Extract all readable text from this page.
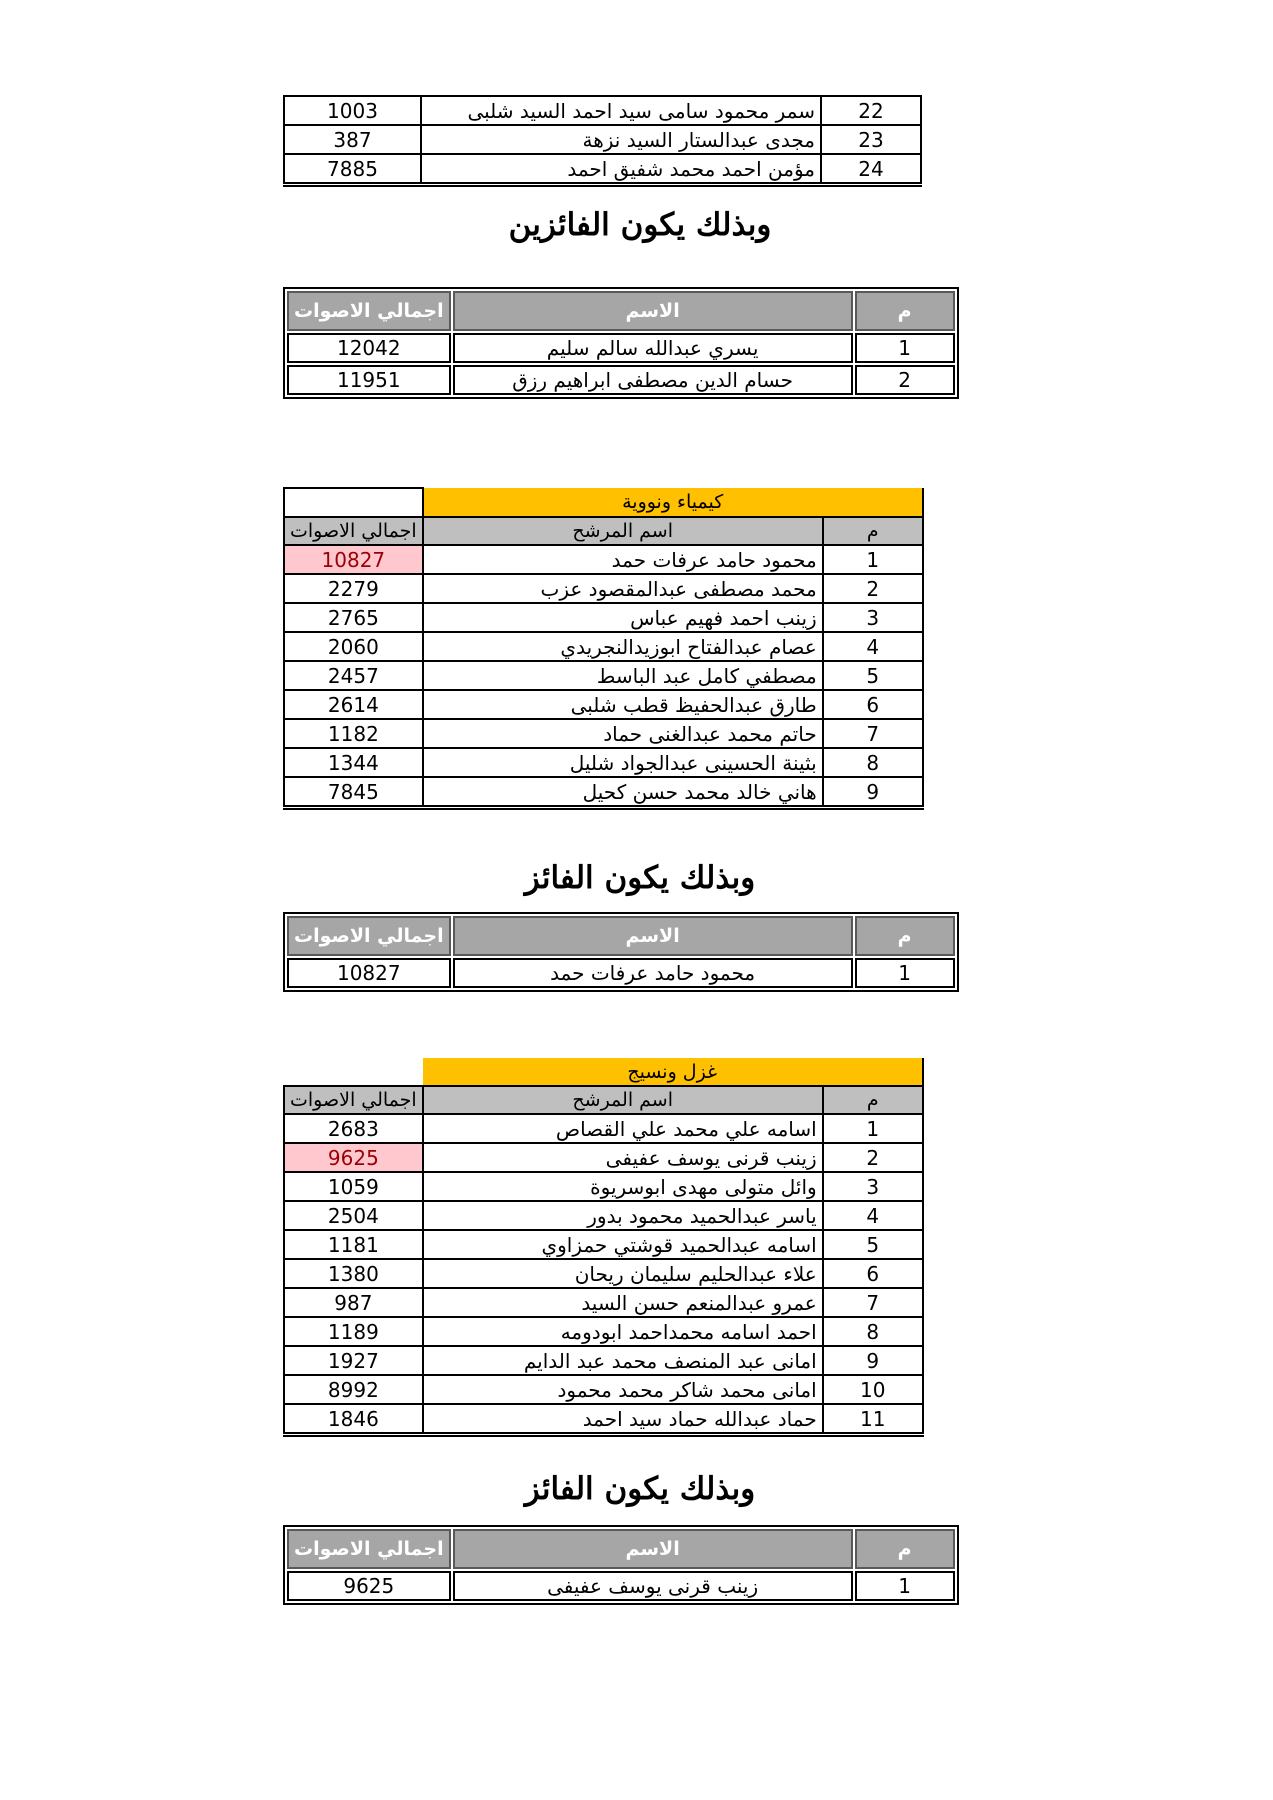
22	سمر محمود سامى سيد احمد السيد شلبى	1003
23	مجدى عبدالستار السيد نزهة	387
24	مؤمن احمد محمد شفيق احمد	7885
وبذلك يكون الفائزين
م	الاسم	اجمالي الاصوات
1	يسري عبدالله سالم سليم	12042
2	حسام الدين مصطفى ابراهيم رزق	11951
كيمياء ونووية		
م	اسم المرشح	اجمالي الاصوات
1	محمود حامد عرفات حمد	10827
2	محمد مصطفى عبدالمقصود عزب	2279
3	زينب احمد فهيم عباس	2765
4	عصام عبدالفتاح ابوزيدالنجريدي	2060
5	مصطفي كامل عبد الباسط	2457
6	طارق عبدالحفيظ قطب شلبى	2614
7	حاتم محمد عبدالغنى حماد	1182
8	بثينة الحسينى عبدالجواد شليل	1344
9	هاني خالد محمد حسن كحيل	7845
وبذلك يكون الفائز
م	الاسم	اجمالي الاصوات
1	محمود حامد عرفات حمد	10827
غزل ونسيج		
م	اسم المرشح	اجمالي الاصوات
1	اسامه علي محمد علي القصاص	2683
2	زينب قرنى يوسف عفيفى	9625
3	وائل متولى مهدى ابوسريوة	1059
4	ياسر عبدالحميد محمود بدور	2504
5	اسامه عبدالحميد قوشتي حمزاوي	1181
6	علاء عبدالحليم سليمان ريحان	1380
7	عمرو عبدالمنعم حسن السيد	987
8	احمد اسامه محمداحمد ابودومه	1189
9	امانى عبد المنصف محمد عبد الدايم	1927
10	امانى محمد شاكر محمد محمود	8992
11	حماد عبدالله حماد سيد احمد	1846
وبذلك يكون الفائز
م	الاسم	اجمالي الاصوات
1	زينب قرنى يوسف عفيفى	9625
